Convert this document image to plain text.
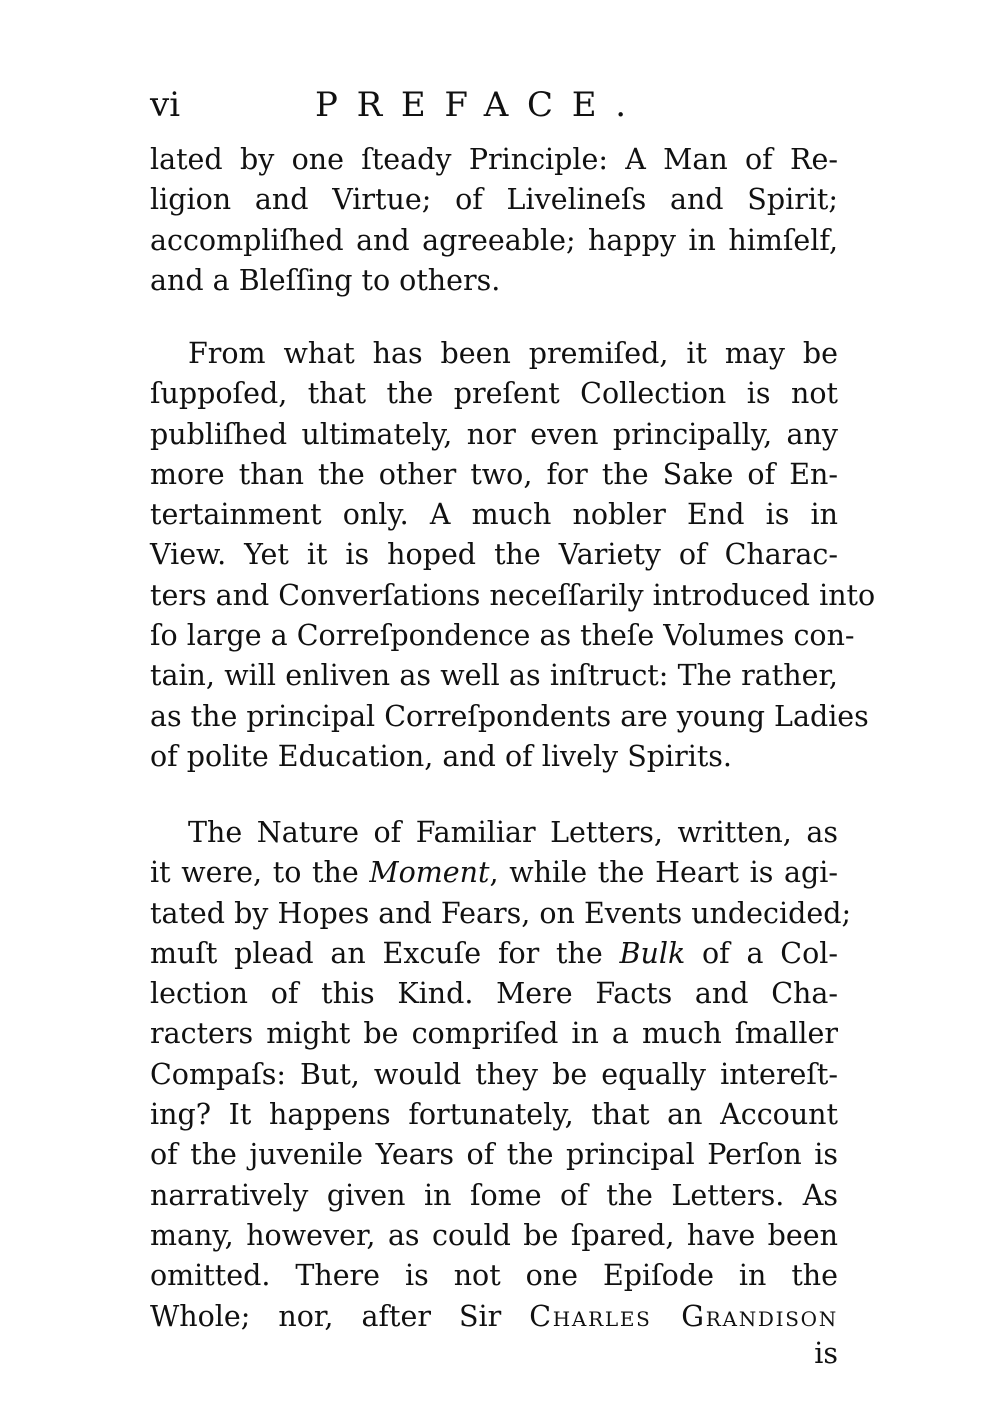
vi	PREFACE.
lated by one ſteady Principle: A Man of Re-
ligion and Virtue; of Livelineſs and Spirit;
accompliſhed and agreeable; happy in himſelf,
and a Bleſſing to others.
From what has been premiſed, it may be
ſuppoſed, that the preſent Collection is not
publiſhed ultimately, nor even principally, any
more than the other two, for the Sake of En-
tertainment only. A much nobler End is in
View. Yet it is hoped the Variety of Charac-
ters and Converſations neceſſarily introduced into
ſo large a Correſpondence as theſe Volumes con-
tain, will enliven as well as inſtruct: The rather,
as the principal Correſpondents are young Ladies
of polite Education, and of lively Spirits.
The Nature of Familiar Letters, written, as
it were, to the Moment, while the Heart is agi-
tated by Hopes and Fears, on Events undecided;
muſt plead an Excuſe for the Bulk of a Col-
lection of this Kind. Mere Facts and Cha-
racters might be compriſed in a much ſmaller
Compaſs: But, would they be equally intereſt-
ing? It happens fortunately, that an Account
of the juvenile Years of the principal Perſon is
narratively given in ſome of the Letters. As
many, however, as could be ſpared, have been
omitted. There is not one Epiſode in the
Whole; nor, after Sir Charles Grandison
is
